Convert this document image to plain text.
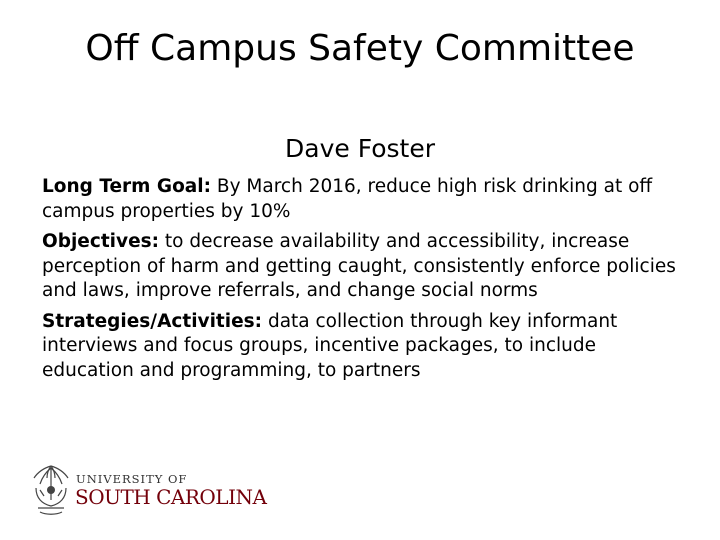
Off Campus Safety Committee
Dave Foster

Long Term Goal: By March 2016, reduce high risk drinking at off campus properties by 10%

Objectives: to decrease availability and accessibility, increase perception of harm and getting caught, consistently enforce policies and laws, improve referrals, and change social norms

Strategies/Activities: data collection through key informant interviews and focus groups, incentive packages, to include education and programming, to partners

UNIVERSITY OF
SOUTH CAROLINA
